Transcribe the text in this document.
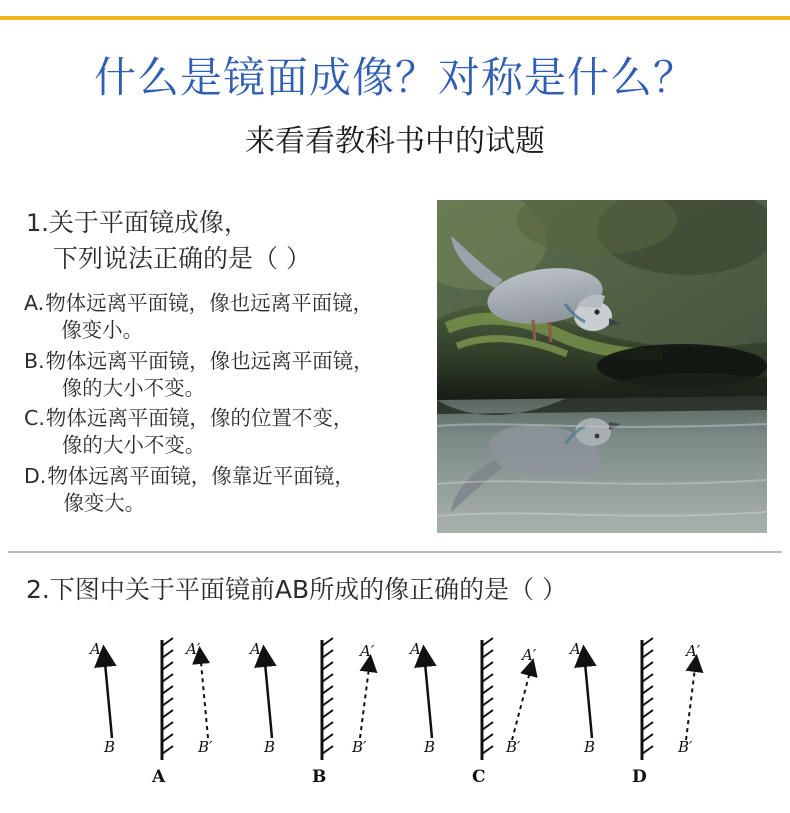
什么是镜面成像？对称是什么？
来看看教科书中的试题
1.关于平面镜成像，
下列说法正确的是（ ）
A. 物体远离平面镜，像也远离平面镜，
像变小。
B. 物体远离平面镜，像也远离平面镜，
像的大小不变。
C. 物体远离平面镜，像的位置不变，
像的大小不变。
D. 物体远离平面镜，像靠近平面镜，
像变大。
2.下图中关于平面镜前AB所成的像正确的是（ ）
A
B
A′
B′
A
A
B
A′
B′
B
A
B
A′
B′
C
A
B
A′
B′
D
